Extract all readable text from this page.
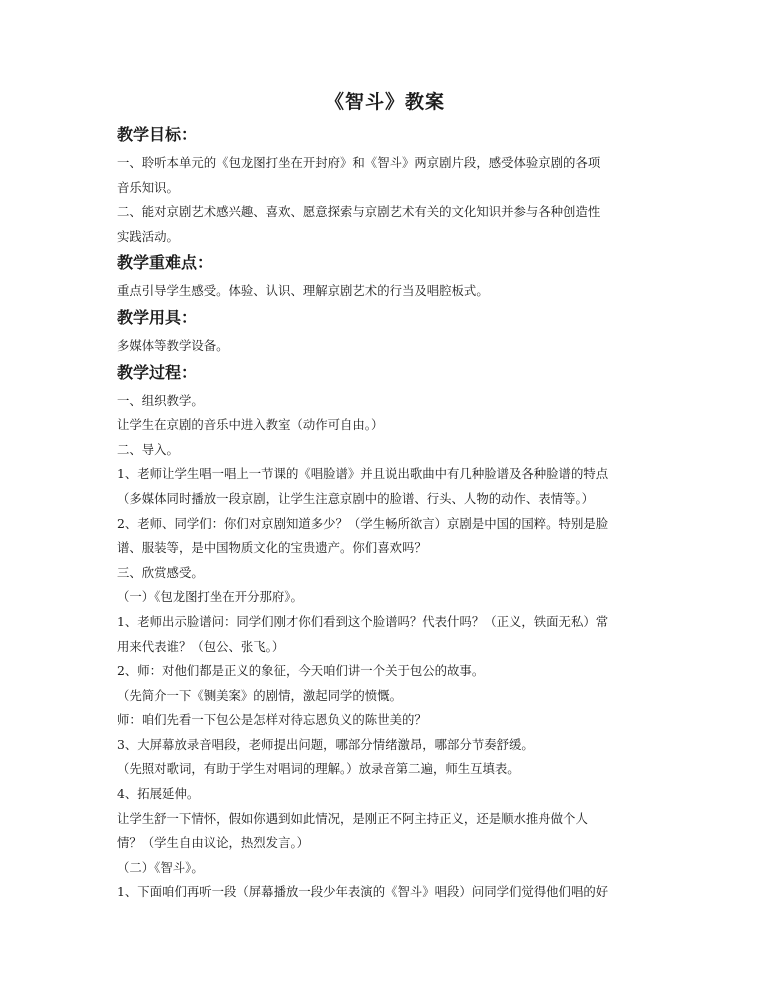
《智斗》教案
教学目标：
一、聆听本单元的《包龙图打坐在开封府》和《智斗》两京剧片段，感受体验京剧的各项
音乐知识。
二、能对京剧艺术感兴趣、喜欢、愿意探索与京剧艺术有关的文化知识并参与各种创造性
实践活动。
教学重难点：
重点引导学生感受。体验、认识、理解京剧艺术的行当及唱腔板式。
教学用具：
多媒体等教学设备。
教学过程：
一、组织教学。
让学生在京剧的音乐中进入教室（动作可自由。）
二、导入。
1、老师让学生唱一唱上一节课的《唱脸谱》并且说出歌曲中有几种脸谱及各种脸谱的特点
（多媒体同时播放一段京剧，让学生注意京剧中的脸谱、行头、人物的动作、表情等。）
2、老师、同学们：你们对京剧知道多少？（学生畅所欲言）京剧是中国的国粹。特别是脸
谱、服装等，是中国物质文化的宝贵遗产。你们喜欢吗？
三、欣赏感受。
（一）《包龙图打坐在开分那府》。
1、老师出示脸谱问：同学们刚才你们看到这个脸谱吗？代表什吗？（正义，铁面无私）常
用来代表谁？（包公、张飞。）
2、师：对他们都是正义的象征，今天咱们讲一个关于包公的故事。
（先简介一下《铡美案》的剧情，激起同学的愤慨。
师：咱们先看一下包公是怎样对待忘恩负义的陈世美的？
3、大屏幕放录音唱段，老师提出问题，哪部分情绪激昂，哪部分节奏舒缓。
（先照对歌词，有助于学生对唱词的理解。）放录音第二遍，师生互填表。
4、拓展延伸。
让学生舒一下情怀，假如你遇到如此情况，是刚正不阿主持正义，还是顺水推舟做个人
情？（学生自由议论，热烈发言。）
（二）《智斗》。
1、下面咱们再听一段（屏幕播放一段少年表演的《智斗》唱段）问同学们觉得他们唱的好
